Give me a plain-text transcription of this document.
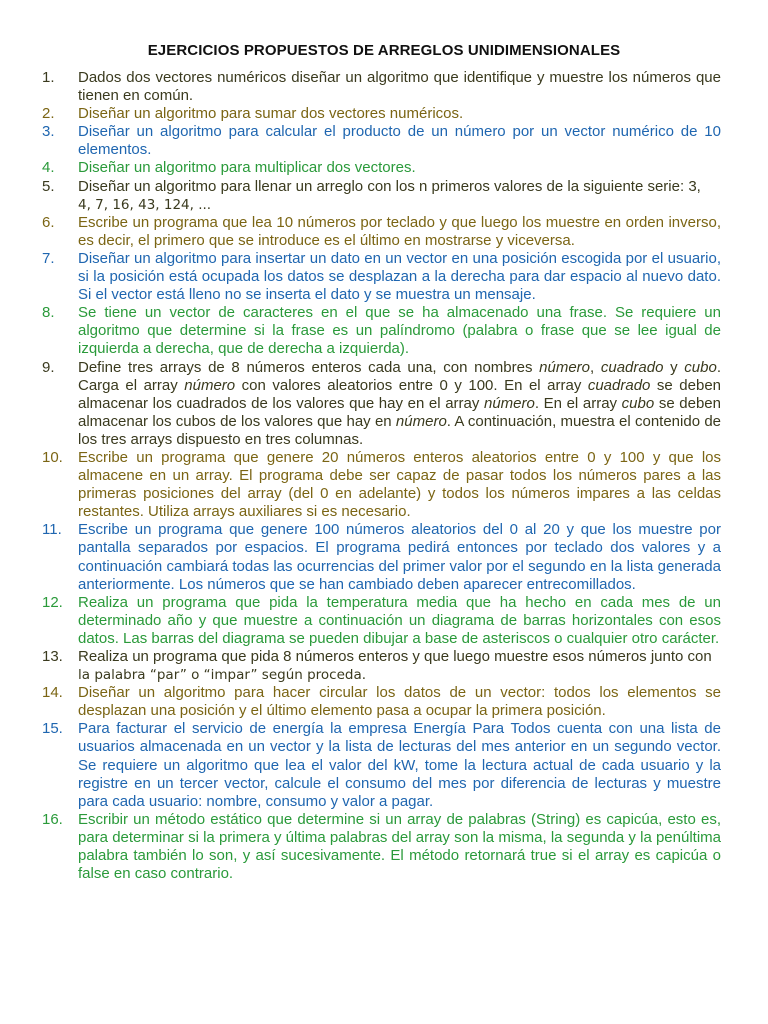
EJERCICIOS PROPUESTOS DE ARREGLOS UNIDIMENSIONALES
1.	Dados dos vectores numéricos diseñar un algoritmo que identifique y muestre los números que tienen en común.
2.	Diseñar un algoritmo para sumar dos vectores numéricos.
3.	Diseñar un algoritmo para calcular el producto de un número por un vector numérico de 10 elementos.
4.	Diseñar un algoritmo para multiplicar dos vectores.
5.	Diseñar un algoritmo para llenar un arreglo con los n primeros valores de la siguiente serie: 3,
4, 7, 16, 43, 124, ...
6.	Escribe un programa que lea 10 números por teclado y que luego los muestre en orden inverso, es decir, el primero que se introduce es el último en mostrarse y viceversa.
7.	Diseñar un algoritmo para insertar un dato en un vector en una posición escogida por el usuario, si la posición está ocupada los datos se desplazan a la derecha para dar espacio al nuevo dato. Si el vector está lleno no se inserta el dato y se muestra un mensaje.
8.	Se tiene un vector de caracteres en el que se ha almacenado una frase. Se requiere un algoritmo que determine si la frase es un palíndromo (palabra o frase que se lee igual de izquierda a derecha, que de derecha a izquierda).
9.	Define tres arrays de 8 números enteros cada una, con nombres número, cuadrado y cubo. Carga el array número con valores aleatorios entre 0 y 100. En el array cuadrado se deben almacenar los cuadrados de los valores que hay en el array número. En el array cubo se deben almacenar los cubos de los valores que hay en número. A continuación, muestra el contenido de los tres arrays dispuesto en tres columnas.
10.	Escribe un programa que genere 20 números enteros aleatorios entre 0 y 100 y que los almacene en un array. El programa debe ser capaz de pasar todos los números pares a las primeras posiciones del array (del 0 en adelante) y todos los números impares a las celdas restantes. Utiliza arrays auxiliares si es necesario.
11.	Escribe un programa que genere 100 números aleatorios del 0 al 20 y que los muestre por pantalla separados por espacios. El programa pedirá entonces por teclado dos valores y a continuación cambiará todas las ocurrencias del primer valor por el segundo en la lista generada anteriormente. Los números que se han cambiado deben aparecer entrecomillados.
12.	Realiza un programa que pida la temperatura media que ha hecho en cada mes de un determinado año y que muestre a continuación un diagrama de barras horizontales con esos datos. Las barras del diagrama se pueden dibujar a base de asteriscos o cualquier otro carácter.
13.	Realiza un programa que pida 8 números enteros y que luego muestre esos números junto con
la palabra “par” o “impar” según proceda.
14.	Diseñar un algoritmo para hacer circular los datos de un vector: todos los elementos se desplazan una posición y el último elemento pasa a ocupar la primera posición.
15.	Para facturar el servicio de energía la empresa Energía Para Todos cuenta con una lista de usuarios almacenada en un vector y la lista de lecturas del mes anterior en un segundo vector. Se requiere un algoritmo que lea el valor del kW, tome la lectura actual de cada usuario y la registre en un tercer vector, calcule el consumo del mes por diferencia de lecturas y muestre para cada usuario: nombre, consumo y valor a pagar.
16.	Escribir un método estático que determine si un array de palabras (String) es capicúa, esto es, para determinar si la primera y última palabras del array son la misma, la segunda y la penúltima palabra también lo son, y así sucesivamente. El método retornará true si el array es capicúa o false en caso contrario.
